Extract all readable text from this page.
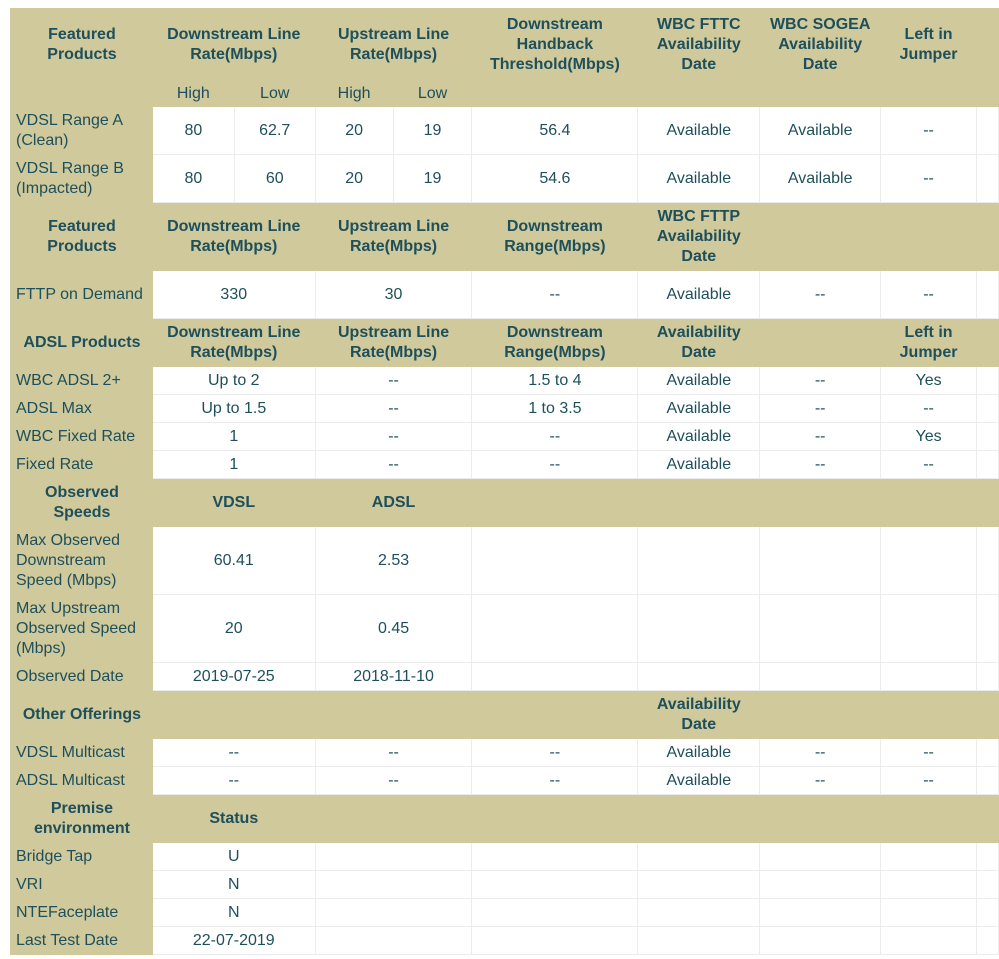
Featured Products	Downstream Line Rate(Mbps)		Upstream Line Rate(Mbps)		Downstream Handback Threshold(Mbps)	WBC FTTC Availability Date	WBC SOGEA Availability Date	Left in Jumper	
	High	Low	High	Low					
VDSL Range A (Clean)	80	62.7	20	19	56.4	Available	Available	--	
VDSL Range B (Impacted)	80	60	20	19	54.6	Available	Available	--	
Featured Products	Downstream Line Rate(Mbps)		Upstream Line Rate(Mbps)		Downstream Range(Mbps)	WBC FTTP Availability Date			
FTTP on Demand	330		30		--	Available	--	--	
ADSL Products	Downstream Line Rate(Mbps)		Upstream Line Rate(Mbps)		Downstream Range(Mbps)	Availability Date		Left in Jumper	
WBC ADSL 2+	Up to 2		--		1.5 to 4	Available	--	Yes	
ADSL Max	Up to 1.5		--		1 to 3.5	Available	--	--	
WBC Fixed Rate	1		--		--	Available	--	Yes	
Fixed Rate	1		--		--	Available	--	--	
Observed Speeds	VDSL		ADSL						
Max Observed Downstream Speed (Mbps)	60.41		2.53						
Max Upstream Observed Speed (Mbps)	20		0.45						
Observed Date	2019-07-25		2018-11-10						
Other Offerings						Availability Date			
VDSL Multicast	--		--		--	Available	--	--	
ADSL Multicast	--		--		--	Available	--	--	
Premise environment	Status								
Bridge Tap	U								
VRI	N								
NTEFaceplate	N								
Last Test Date	22-07-2019								
